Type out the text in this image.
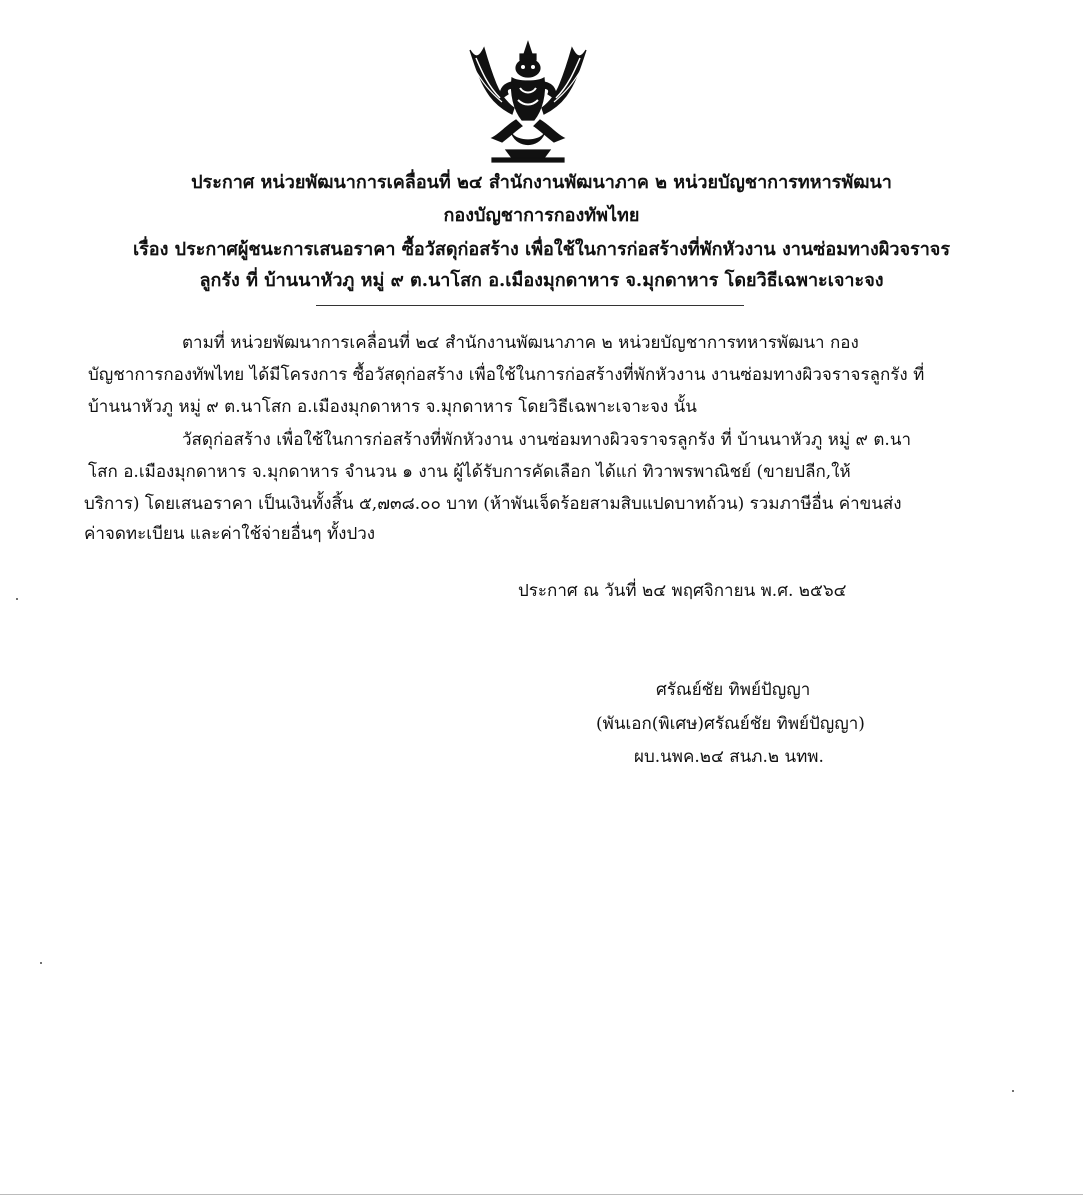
ประกาศ หน่วยพัฒนาการเคลื่อนที่ ๒๔ สำนักงานพัฒนาภาค ๒ หน่วยบัญชาการทหารพัฒนา
กองบัญชาการกองทัพไทย
เรื่อง ประกาศผู้ชนะการเสนอราคา ซื้อวัสดุก่อสร้าง เพื่อใช้ในการก่อสร้างที่พักหัวงาน งานซ่อมทางผิวจราจร
ลูกรัง ที่ บ้านนาหัวภู หมู่ ๙ ต.นาโสก อ.เมืองมุกดาหาร จ.มุกดาหาร โดยวิธีเฉพาะเจาะจง
ตามที่ หน่วยพัฒนาการเคลื่อนที่ ๒๔ สำนักงานพัฒนาภาค ๒ หน่วยบัญชาการทหารพัฒนา กอง
บัญชาการกองทัพไทย ได้มีโครงการ ซื้อวัสดุก่อสร้าง เพื่อใช้ในการก่อสร้างที่พักหัวงาน งานซ่อมทางผิวจราจรลูกรัง ที่
บ้านนาหัวภู หมู่ ๙ ต.นาโสก อ.เมืองมุกดาหาร จ.มุกดาหาร โดยวิธีเฉพาะเจาะจง นั้น
วัสดุก่อสร้าง เพื่อใช้ในการก่อสร้างที่พักหัวงาน งานซ่อมทางผิวจราจรลูกรัง ที่ บ้านนาหัวภู หมู่ ๙ ต.นา
โสก อ.เมืองมุกดาหาร จ.มุกดาหาร จำนวน ๑ งาน ผู้ได้รับการคัดเลือก ได้แก่ ทิวาพรพาณิชย์ (ขายปลีก,ให้
บริการ) โดยเสนอราคา เป็นเงินทั้งสิ้น ๕,๗๓๘.๐๐ บาท (ห้าพันเจ็ดร้อยสามสิบแปดบาทถ้วน) รวมภาษีอื่น ค่าขนส่ง
ค่าจดทะเบียน และค่าใช้จ่ายอื่นๆ ทั้งปวง
ประกาศ ณ วันที่ ๒๔ พฤศจิกายน พ.ศ. ๒๕๖๔
ศรัณย์ชัย ทิพย์ปัญญา
(พันเอก(พิเศษ)ศรัณย์ชัย ทิพย์ปัญญา)
ผบ.นพค.๒๔ สนภ.๒ นทพ.
